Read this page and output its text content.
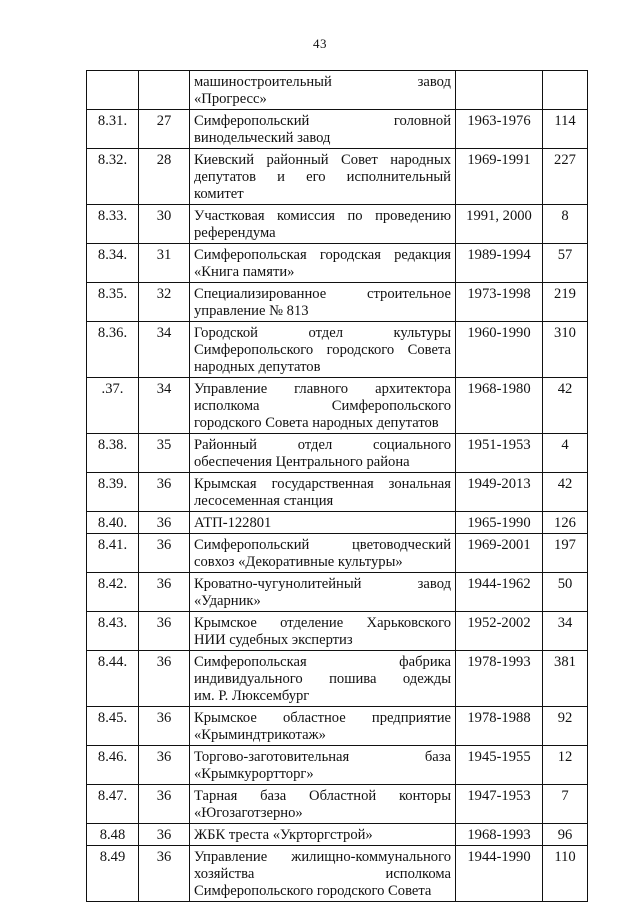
43

		машиностроительный завод
«Прогресс»		

8.31.	27	Симферопольский головной
винодельческий завод	1963-1976	114
8.32.	28	Киевский районный Совет народных
депутатов и его исполнительный
комитет	1969-1991	227
8.33.	30	Участковая комиссия по проведению
референдума	1991, 2000	8
8.34.	31	Симферопольская городская редакция
«Книга памяти»	1989-1994	57
8.35.	32	Специализированное строительное
управление № 813	1973-1998	219
8.36.	34	Городской отдел культуры
Симферопольского городского Совета
народных депутатов	1960-1990	310
.37.	34	Управление главного архитектора
исполкома Симферопольского
городского Совета народных депутатов	1968-1980	42
8.38.	35	Районный отдел социального
обеспечения Центрального района	1951-1953	4
8.39.	36	Крымская государственная зональная
лесосеменная станция	1949-2013	42
8.40.	36	АТП-122801	1965-1990	126
8.41.	36	Симферопольский цветоводческий
совхоз «Декоративные культуры»	1969-2001	197
8.42.	36	Кроватно-чугунолитейный завод
«Ударник»	1944-1962	50
8.43.	36	Крымское отделение Харьковского
НИИ судебных экспертиз	1952-2002	34
8.44.	36	Симферопольская фабрика
индивидуального пошива одежды
им. Р. Люксембург	1978-1993	381
8.45.	36	Крымское областное предприятие
«Крыминдтрикотаж»	1978-1988	92
8.46.	36	Торгово-заготовительная база
«Крымкурортторг»	1945-1955	12
8.47.	36	Тарная база Областной конторы
«Югозаготзерно»	1947-1953	7
8.48	36	ЖБК треста «Укрторгстрой»	1968-1993	96
8.49	36	Управление жилищно-коммунального
хозяйства исполкома
Симферопольского городского Совета	1944-1990	110
